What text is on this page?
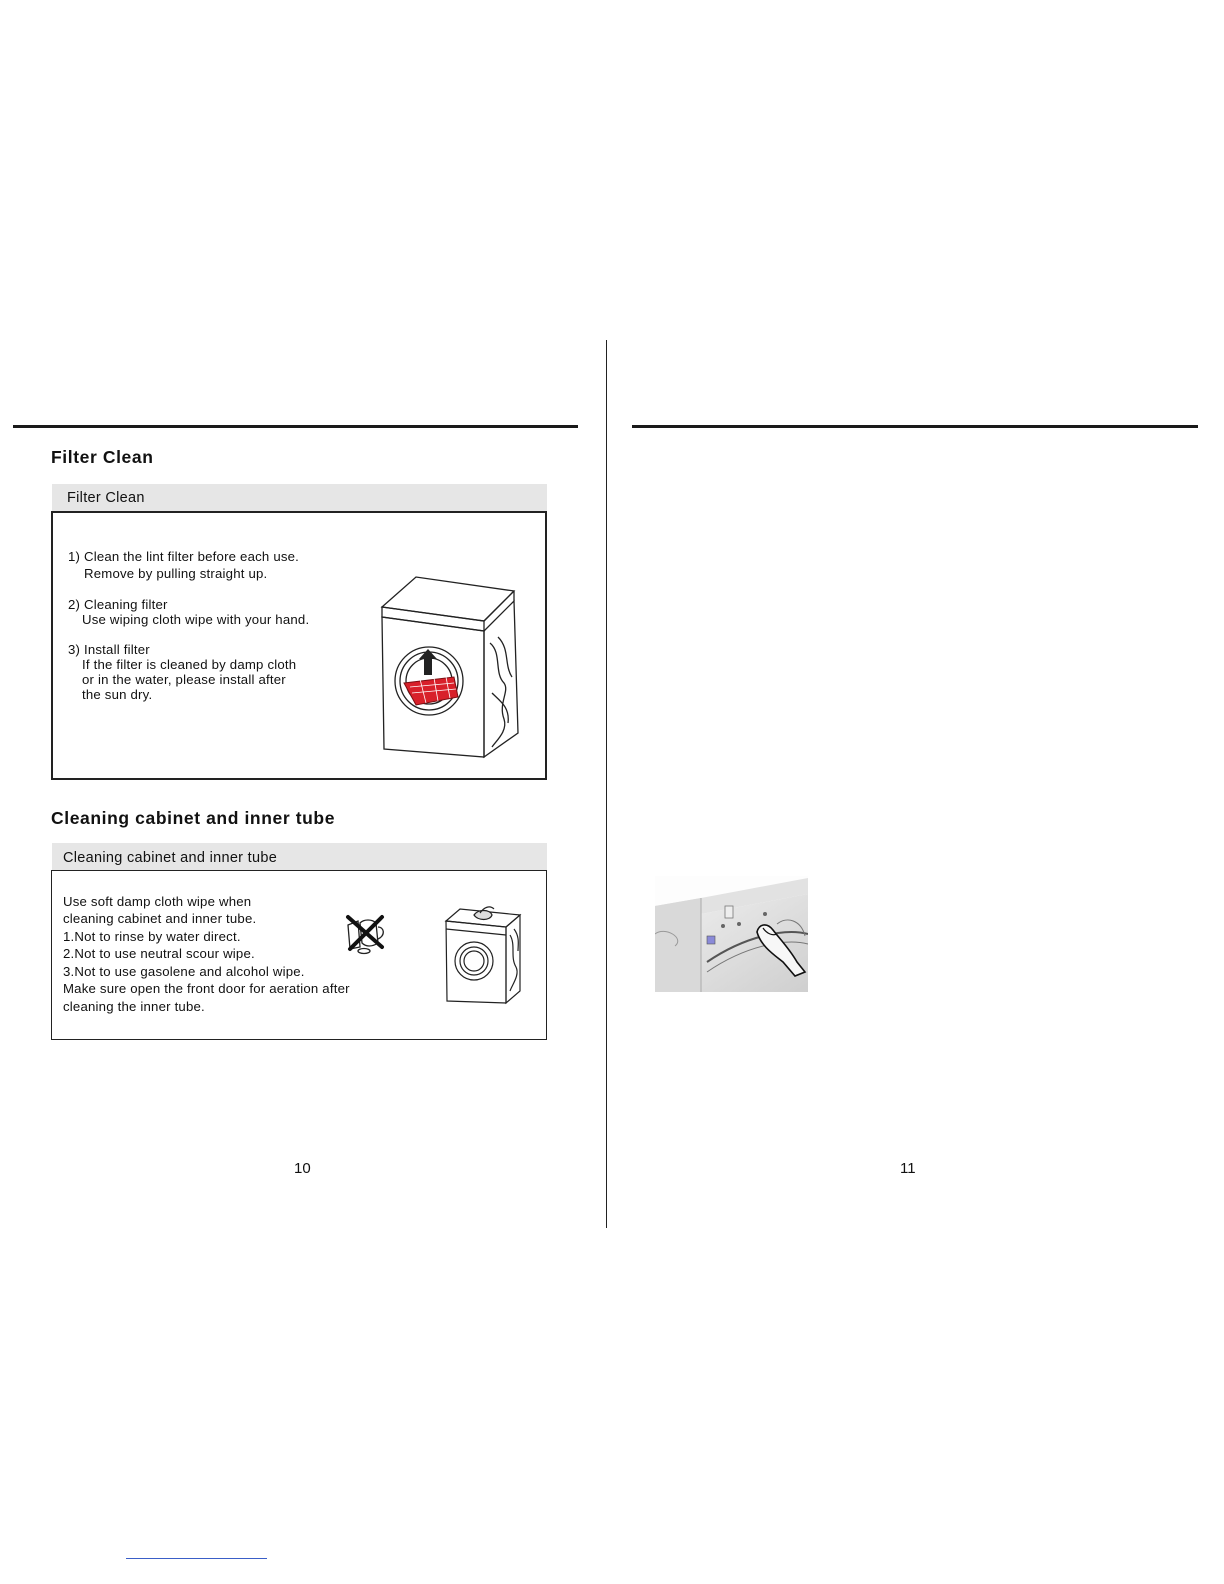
Filter Clean
Filter Clean
1) Clean the lint filter before each use.
Remove by pulling straight up.
2) Cleaning filter
Use wiping cloth wipe with your hand.
3) Install filter
If the filter is cleaned by damp cloth
or in the water, please install after
the sun dry.
Cleaning cabinet and inner tube
Cleaning cabinet and inner tube
Use soft damp cloth wipe when
cleaning cabinet and inner tube.
1.Not to rinse by water direct.
2.Not to use neutral scour wipe.
3.Not to use gasolene and alcohol wipe.
Make sure open the front door for aeration after
cleaning the inner tube.
10	11
